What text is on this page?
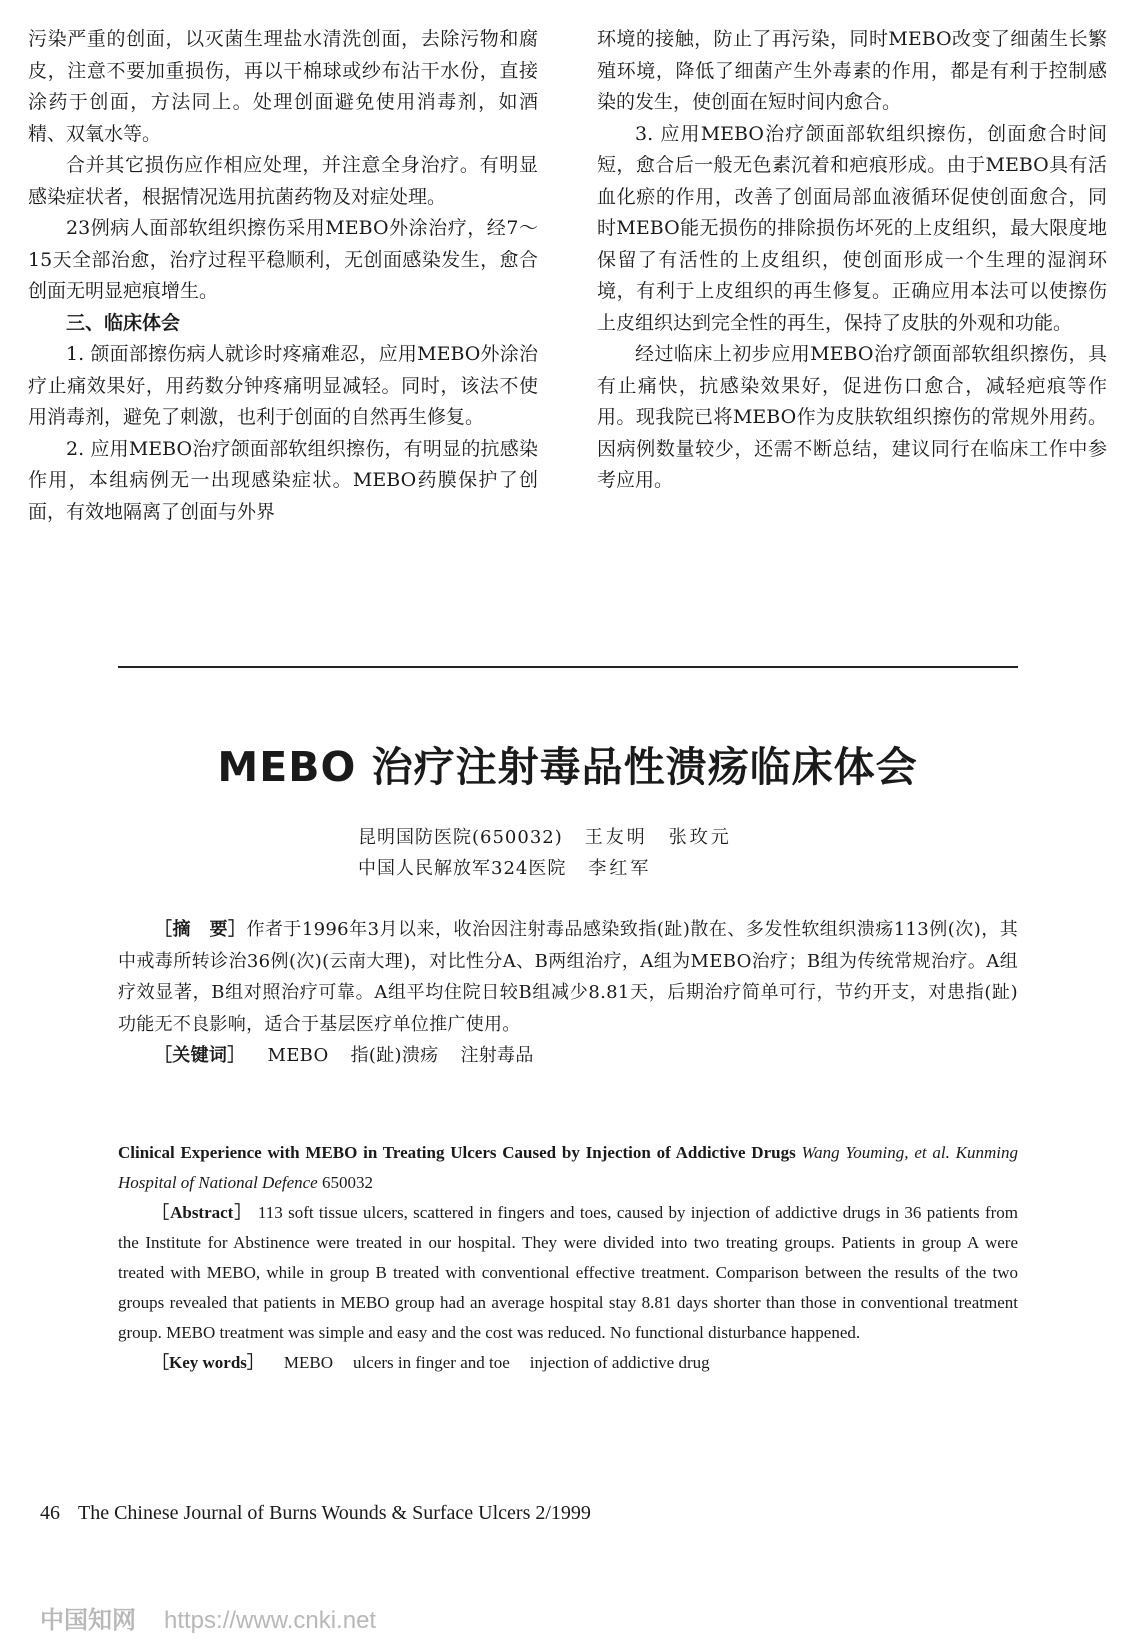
污染严重的创面，以灭菌生理盐水清洗创面，去除污物和腐皮，注意不要加重损伤，再以干棉球或纱布沾干水份，直接涂药于创面，方法同上。处理创面避免使用消毒剂，如酒精、双氧水等。

合并其它损伤应作相应处理，并注意全身治疗。有明显感染症状者，根据情况选用抗菌药物及对症处理。

23例病人面部软组织擦伤采用MEBO外涂治疗，经7～15天全部治愈，治疗过程平稳顺利，无创面感染发生，愈合创面无明显疤痕增生。

三、临床体会

1. 颌面部擦伤病人就诊时疼痛难忍，应用MEBO外涂治疗止痛效果好，用药数分钟疼痛明显减轻。同时，该法不使用消毒剂，避免了刺激，也利于创面的自然再生修复。

2. 应用MEBO治疗颌面部软组织擦伤，有明显的抗感染作用，本组病例无一出现感染症状。MEBO药膜保护了创面，有效地隔离了创面与外界

环境的接触，防止了再污染，同时MEBO改变了细菌生长繁殖环境，降低了细菌产生外毒素的作用，都是有利于控制感染的发生，使创面在短时间内愈合。

3. 应用MEBO治疗颌面部软组织擦伤，创面愈合时间短，愈合后一般无色素沉着和疤痕形成。由于MEBO具有活血化瘀的作用，改善了创面局部血液循环促使创面愈合，同时MEBO能无损伤的排除损伤坏死的上皮组织，最大限度地保留了有活性的上皮组织，使创面形成一个生理的湿润环境，有利于上皮组织的再生修复。正确应用本法可以使擦伤上皮组织达到完全性的再生，保持了皮肤的外观和功能。

经过临床上初步应用MEBO治疗颌面部软组织擦伤，具有止痛快，抗感染效果好，促进伤口愈合，减轻疤痕等作用。现我院已将MEBO作为皮肤软组织擦伤的常规外用药。因病例数量较少，还需不断总结，建议同行在临床工作中参考应用。

MEBO 治疗注射毒品性溃疡临床体会
昆明国防医院(650032) 王友明　张玫元
中国人民解放军324医院 李红军

［摘　要］作者于1996年3月以来，收治因注射毒品感染致指(趾)散在、多发性软组织溃疡113例(次)，其中戒毒所转诊治36例(次)(云南大理)，对比性分A、B两组治疗，A组为MEBO治疗；B组为传统常规治疗。A组疗效显著，B组对照治疗可靠。A组平均住院日较B组减少8.81天，后期治疗简单可行，节约开支，对患指(趾)功能无不良影响，适合于基层医疗单位推广使用。

［关键词］ MEBO 指(趾)溃疡 注射毒品

Clinical Experience with MEBO in Treating Ulcers Caused by Injection of Addictive Drugs Wang Youming, et al. Kunming Hospital of National Defence 650032

［Abstract］ 113 soft tissue ulcers, scattered in fingers and toes, caused by injection of addictive drugs in 36 patients from the Institute for Abstinence were treated in our hospital. They were divided into two treating groups. Patients in group A were treated with MEBO, while in group B treated with conventional effective treatment. Comparison between the results of the two groups revealed that patients in MEBO group had an average hospital stay 8.81 days shorter than those in conventional treatment group. MEBO treatment was simple and easy and the cost was reduced. No functional disturbance happened.

［Key words］ MEBO ulcers in finger and toe injection of addictive drug

46 The Chinese Journal of Burns Wounds & Surface Ulcers 2/1999
中国知网 https://www.cnki.net
